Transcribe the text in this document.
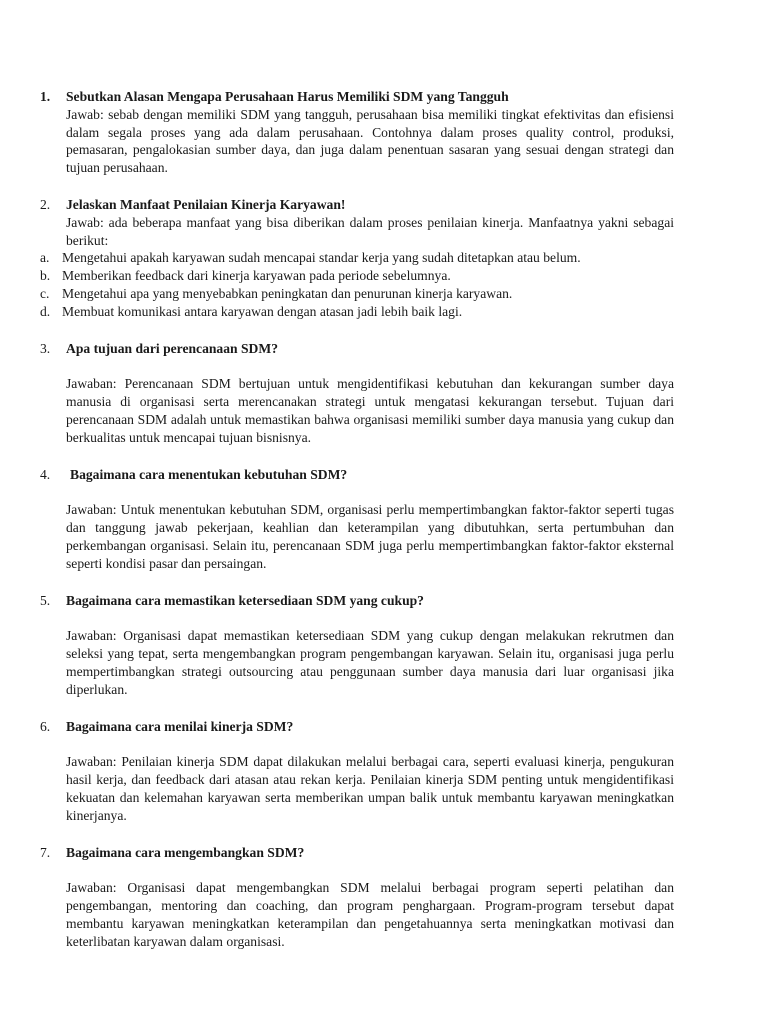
1.	Sebutkan Alasan Mengapa Perusahaan Harus Memiliki SDM yang Tangguh
Jawab: sebab dengan memiliki SDM yang tangguh, perusahaan bisa memiliki tingkat efektivitas dan efisiensi dalam segala proses yang ada dalam perusahaan. Contohnya dalam proses quality control, produksi, pemasaran, pengalokasian sumber daya, dan juga dalam penentuan sasaran yang sesuai dengan strategi dan tujuan perusahaan.
2.	Jelaskan Manfaat Penilaian Kinerja Karyawan!
Jawab: ada beberapa manfaat yang bisa diberikan dalam proses penilaian kinerja. Manfaatnya yakni sebagai berikut:
a. Mengetahui apakah karyawan sudah mencapai standar kerja yang sudah ditetapkan atau belum.
b. Memberikan feedback dari kinerja karyawan pada periode sebelumnya.
c. Mengetahui apa yang menyebabkan peningkatan dan penurunan kinerja karyawan.
d. Membuat komunikasi antara karyawan dengan atasan jadi lebih baik lagi.
3.	Apa tujuan dari perencanaan SDM?
Jawaban: Perencanaan SDM bertujuan untuk mengidentifikasi kebutuhan dan kekurangan sumber daya manusia di organisasi serta merencanakan strategi untuk mengatasi kekurangan tersebut. Tujuan dari perencanaan SDM adalah untuk memastikan bahwa organisasi memiliki sumber daya manusia yang cukup dan berkualitas untuk mencapai tujuan bisnisnya.
4.	Bagaimana cara menentukan kebutuhan SDM?
Jawaban: Untuk menentukan kebutuhan SDM, organisasi perlu mempertimbangkan faktor-faktor seperti tugas dan tanggung jawab pekerjaan, keahlian dan keterampilan yang dibutuhkan, serta pertumbuhan dan perkembangan organisasi. Selain itu, perencanaan SDM juga perlu mempertimbangkan faktor-faktor eksternal seperti kondisi pasar dan persaingan.
5.	Bagaimana cara memastikan ketersediaan SDM yang cukup?
Jawaban: Organisasi dapat memastikan ketersediaan SDM yang cukup dengan melakukan rekrutmen dan seleksi yang tepat, serta mengembangkan program pengembangan karyawan. Selain itu, organisasi juga perlu mempertimbangkan strategi outsourcing atau penggunaan sumber daya manusia dari luar organisasi jika diperlukan.
6.	Bagaimana cara menilai kinerja SDM?
Jawaban: Penilaian kinerja SDM dapat dilakukan melalui berbagai cara, seperti evaluasi kinerja, pengukuran hasil kerja, dan feedback dari atasan atau rekan kerja. Penilaian kinerja SDM penting untuk mengidentifikasi kekuatan dan kelemahan karyawan serta memberikan umpan balik untuk membantu karyawan meningkatkan kinerjanya.
7.	Bagaimana cara mengembangkan SDM?
Jawaban: Organisasi dapat mengembangkan SDM melalui berbagai program seperti pelatihan dan pengembangan, mentoring dan coaching, dan program penghargaan. Program-program tersebut dapat membantu karyawan meningkatkan keterampilan dan pengetahuannya serta meningkatkan motivasi dan keterlibatan karyawan dalam organisasi.
